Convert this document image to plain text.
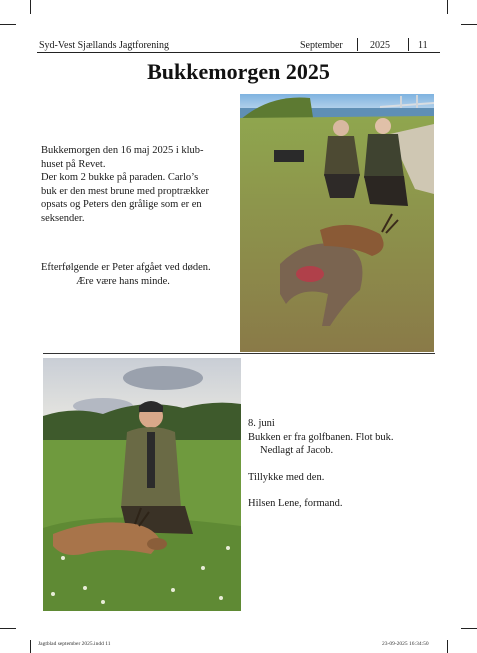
Syd-Vest Sjællands Jagtforening	September	2025	11
Bukkemorgen 2025
Bukkemorgen den 16 maj 2025 i klub-
huset på Revet.
Der kom 2 bukke på paraden. Carlo’s
buk er den mest brune med proptrækker
opsats og Peters den grålige som er en
seksender.
Efterfølgende er Peter afgået ved døden.
Ære være hans minde.
8. juni
Bukken er fra golfbanen. Flot buk.
Nedlagt af Jacob.
Tillykke med den.
Hilsen Lene, formand.
Jagtblad september 2025.indd 11	23-09-2025 16:34:50
